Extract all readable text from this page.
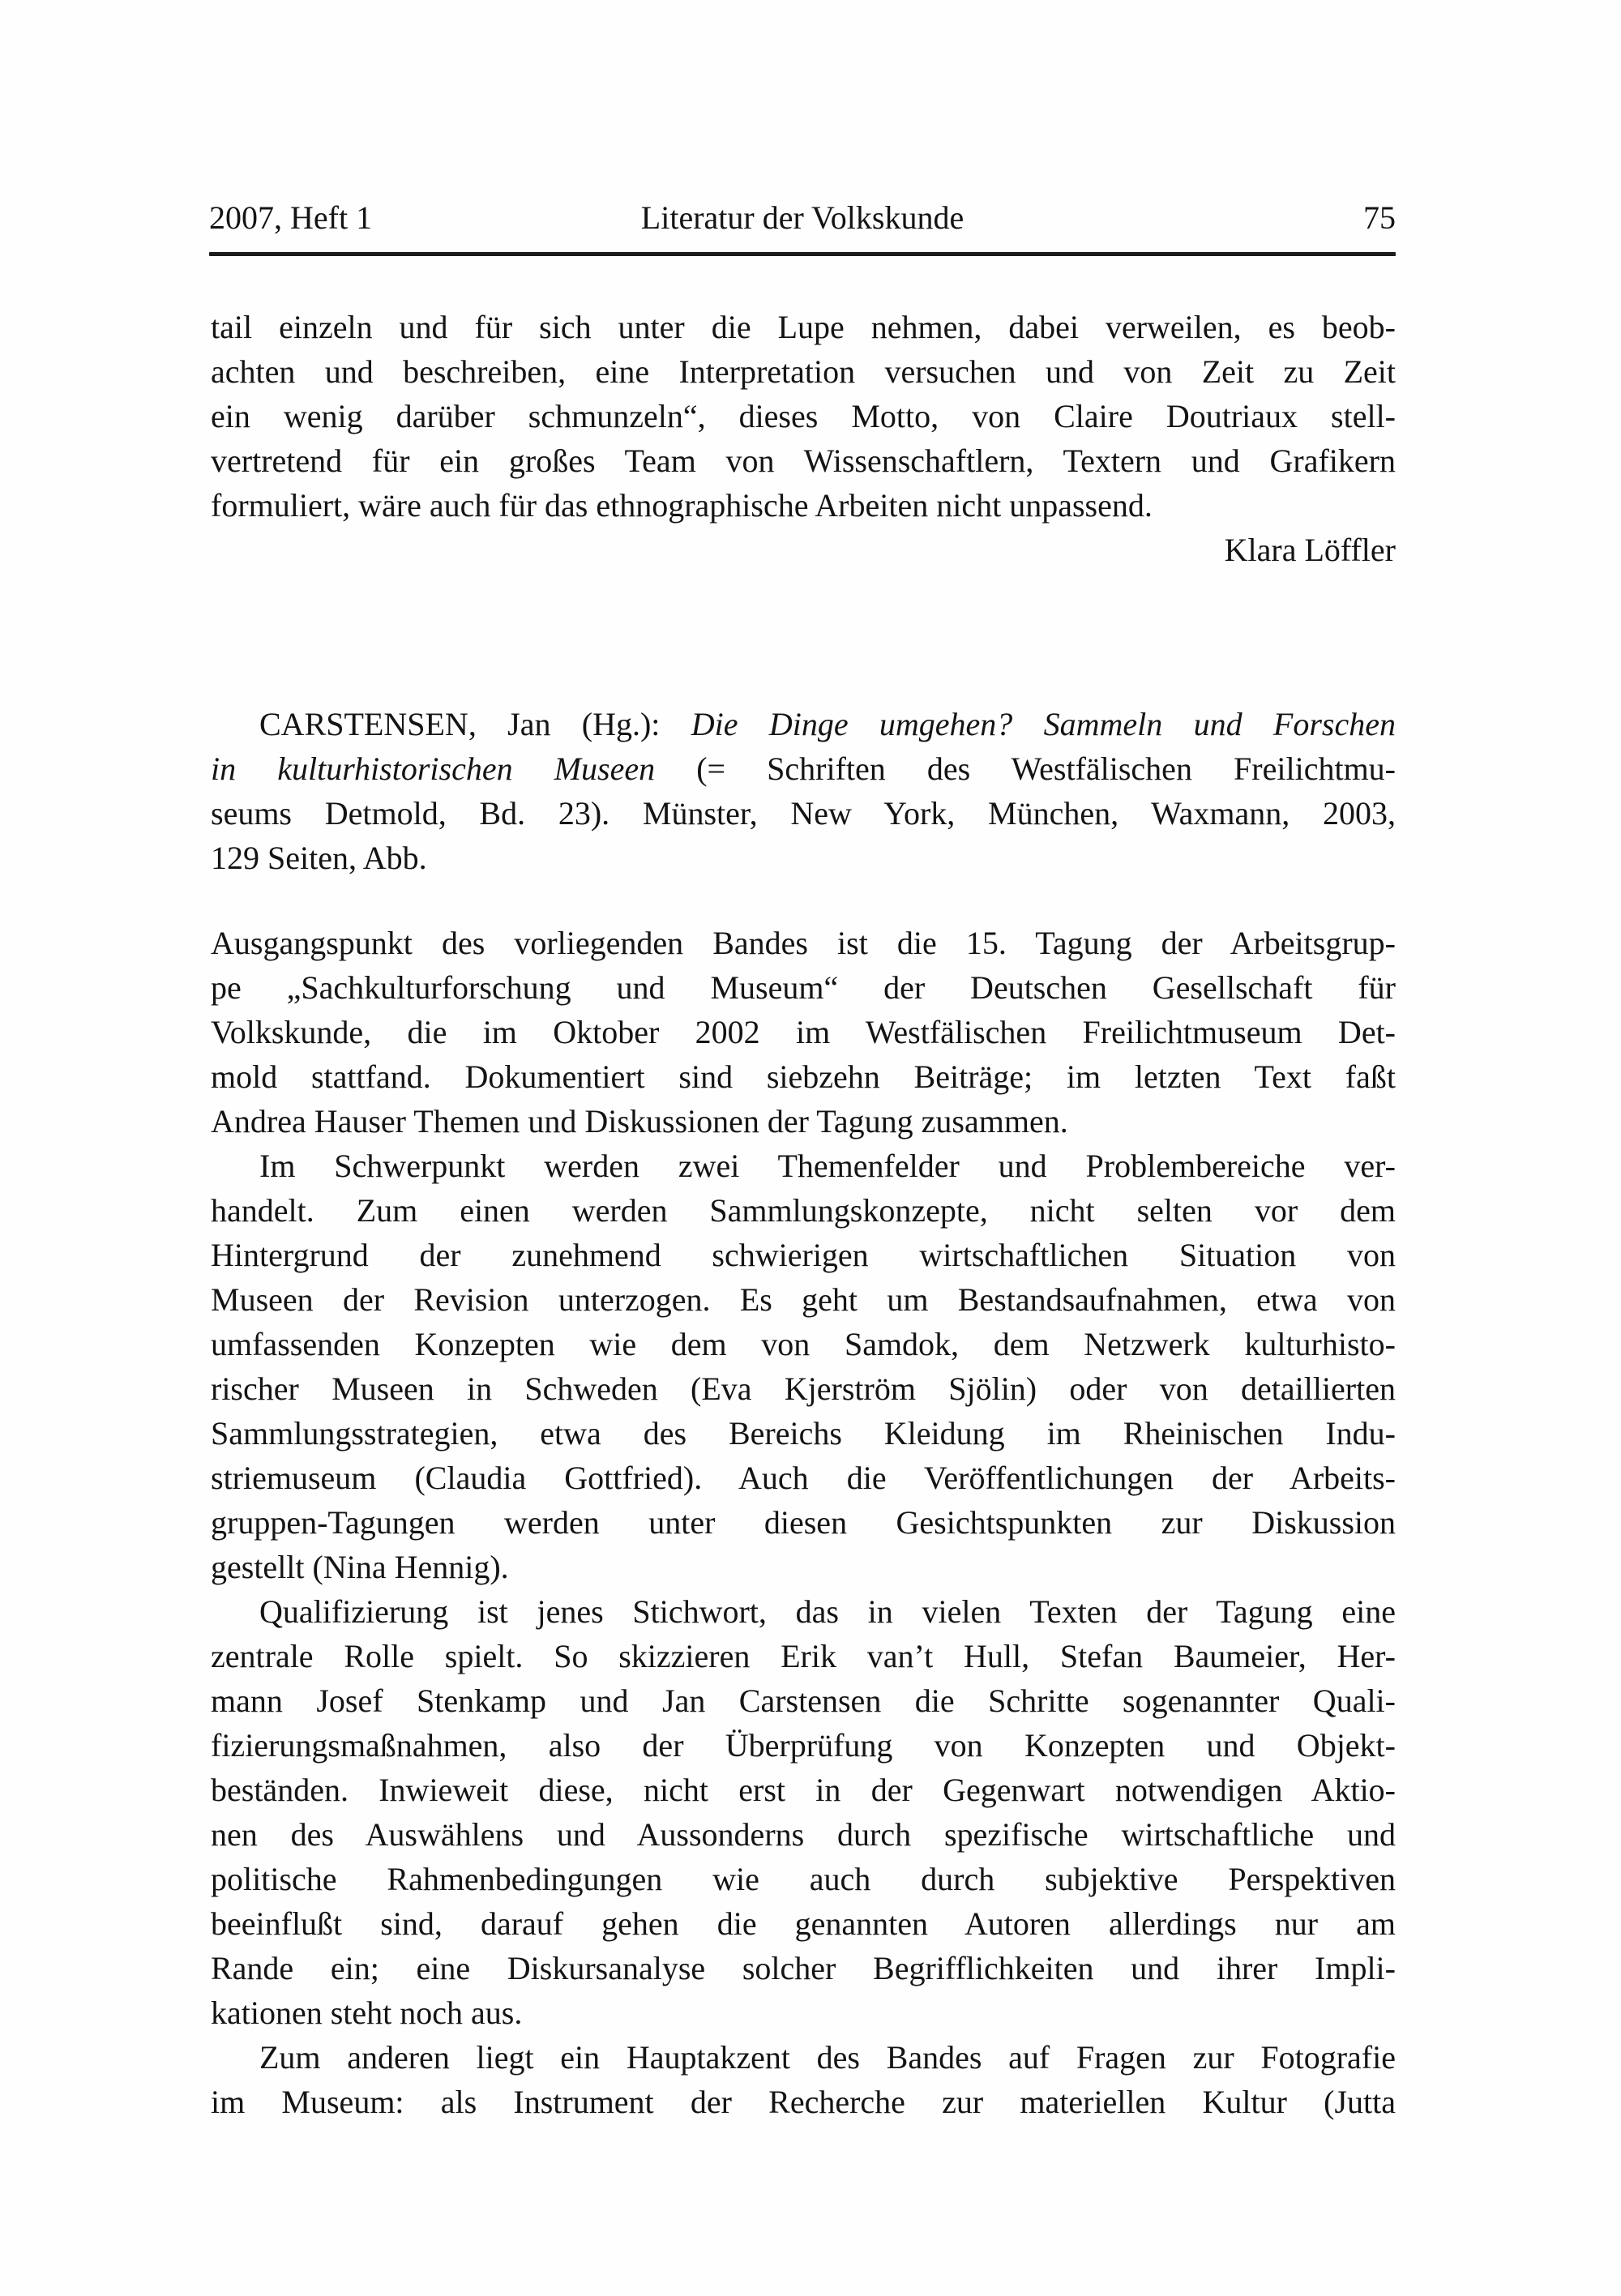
2007, Heft 1	Literatur der Volkskunde	75
tail einzeln und für sich unter die Lupe nehmen, dabei verweilen, es beob-
achten und beschreiben, eine Interpretation versuchen und von Zeit zu Zeit
ein wenig darüber schmunzeln“, dieses Motto, von Claire Doutriaux stell-
vertretend für ein großes Team von Wissenschaftlern, Textern und Grafikern
formuliert, wäre auch für das ethnographische Arbeiten nicht unpassend.
Klara Löffler
CARSTENSEN, Jan (Hg.): Die Dinge umgehen? Sammeln und Forschen
in kulturhistorischen Museen (= Schriften des Westfälischen Freilichtmu-
seums Detmold, Bd. 23). Münster, New York, München, Waxmann, 2003,
129 Seiten, Abb.
Ausgangspunkt des vorliegenden Bandes ist die 15. Tagung der Arbeitsgrup-
pe „Sachkulturforschung und Museum“ der Deutschen Gesellschaft für
Volkskunde, die im Oktober 2002 im Westfälischen Freilichtmuseum Det-
mold stattfand. Dokumentiert sind siebzehn Beiträge; im letzten Text faßt
Andrea Hauser Themen und Diskussionen der Tagung zusammen.
Im Schwerpunkt werden zwei Themenfelder und Problembereiche ver-
handelt. Zum einen werden Sammlungskonzepte, nicht selten vor dem
Hintergrund der zunehmend schwierigen wirtschaftlichen Situation von
Museen der Revision unterzogen. Es geht um Bestandsaufnahmen, etwa von
umfassenden Konzepten wie dem von Samdok, dem Netzwerk kulturhisto-
rischer Museen in Schweden (Eva Kjerström Sjölin) oder von detaillierten
Sammlungsstrategien, etwa des Bereichs Kleidung im Rheinischen Indu-
striemuseum (Claudia Gottfried). Auch die Veröffentlichungen der Arbeits-
gruppen-Tagungen werden unter diesen Gesichtspunkten zur Diskussion
gestellt (Nina Hennig).
Qualifizierung ist jenes Stichwort, das in vielen Texten der Tagung eine
zentrale Rolle spielt. So skizzieren Erik van’t Hull, Stefan Baumeier, Her-
mann Josef Stenkamp und Jan Carstensen die Schritte sogenannter Quali-
fizierungsmaßnahmen, also der Überprüfung von Konzepten und Objekt-
beständen. Inwieweit diese, nicht erst in der Gegenwart notwendigen Aktio-
nen des Auswählens und Aussonderns durch spezifische wirtschaftliche und
politische Rahmenbedingungen wie auch durch subjektive Perspektiven
beeinflußt sind, darauf gehen die genannten Autoren allerdings nur am
Rande ein; eine Diskursanalyse solcher Begrifflichkeiten und ihrer Impli-
kationen steht noch aus.
Zum anderen liegt ein Hauptakzent des Bandes auf Fragen zur Fotografie
im Museum: als Instrument der Recherche zur materiellen Kultur (Jutta
